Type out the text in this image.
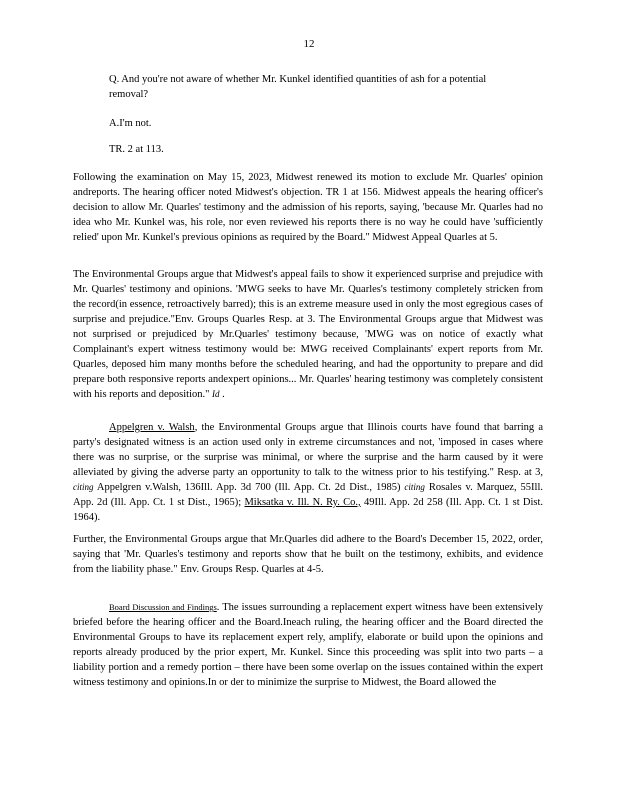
12

Q. And you're not aware of whether Mr. Kunkel identified quantities of ash for a potential removal?

A.I'm not.

TR. 2 at 113.

Following the examination on May 15, 2023, Midwest renewed its motion to exclude Mr. Quarles' opinion andreports. The hearing officer noted Midwest's objection. TR 1 at 156. Midwest appeals the hearing officer's decision to allow Mr. Quarles' testimony and the admission of his reports, saying, 'because Mr. Quarles had no idea who Mr. Kunkel was, his role, nor even reviewed his reports there is no way he could have 'sufficiently relied' upon Mr. Kunkel's previous opinions as required by the Board." Midwest Appeal Quarles at 5.

The Environmental Groups argue that Midwest's appeal fails to show it experienced surprise and prejudice with Mr. Quarles' testimony and opinions. 'MWG seeks to have Mr. Quarles's testimony completely stricken from the record(in essence, retroactively barred); this is an extreme measure used in only the most egregious cases of surprise and prejudice."Env. Groups Quarles Resp. at 3. The Environmental Groups argue that Midwest was not surprised or prejudiced by Mr.Quarles' testimony because, 'MWG was on notice of exactly what Complainant's expert witness testimony would be: MWG received Complainants' expert reports from Mr. Quarles, deposed him many months before the scheduled hearing, and had the opportunity to prepare and did prepare both responsive reports andexpert opinions... Mr. Quarles' hearing testimony was completely consistent with his reports and deposition." Id .

Appelgren v. Walsh, the Environmental Groups argue that Illinois courts have found that barring a party's designated witness is an action used only in extreme circumstances and not, 'imposed in cases where there was no surprise, or the surprise was minimal, or where the surprise and the harm caused by it were alleviated by giving the adverse party an opportunity to talk to the witness prior to his testifying." Resp. at 3, citing Appelgren v.Walsh, 136Ill. App. 3d 700 (Ill. App. Ct. 2d Dist., 1985) citing Rosales v. Marquez, 55Ill. App. 2d (Ill. App. Ct. 1 st Dist., 1965); Miksatka v. Ill. N. Ry. Co., 49Ill. App. 2d 258 (Ill. App. Ct. 1 st Dist. 1964).

Further, the Environmental Groups argue that Mr.Quarles did adhere to the Board's December 15, 2022, order, saying that 'Mr. Quarles's testimony and reports show that he built on the testimony, exhibits, and evidence from the liability phase." Env. Groups Resp. Quarles at 4-5.

Board Discussion and Findings. The issues surrounding a replacement expert witness have been extensively briefed before the hearing officer and the Board.Ineach ruling, the hearing officer and the Board directed the Environmental Groups to have its replacement expert rely, amplify, elaborate or build upon the opinions and reports already produced by the prior expert, Mr. Kunkel. Since this proceeding was split into two parts – a liability portion and a remedy portion – there have been some overlap on the issues contained within the expert witness testimony and opinions.In or der to minimize the surprise to Midwest, the Board allowed the
